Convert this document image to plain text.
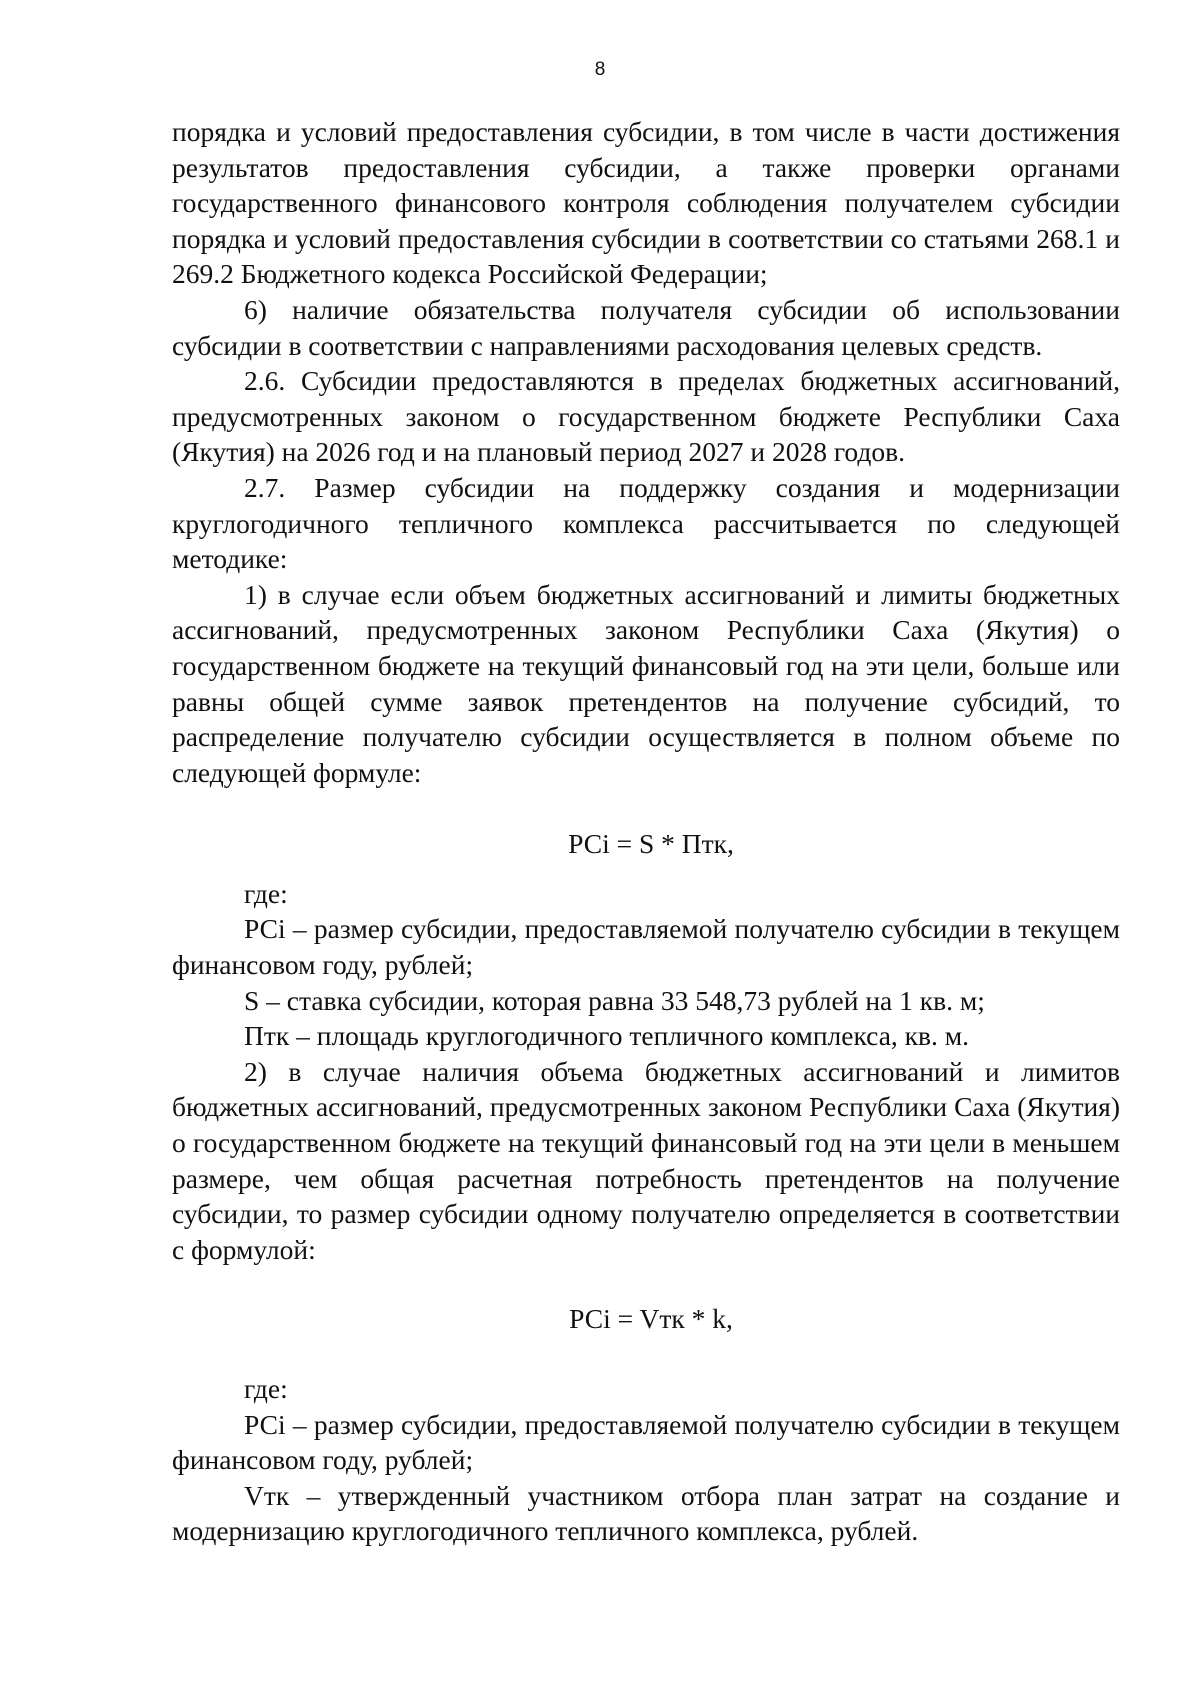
8

порядка и условий предоставления субсидии, в том числе в части достижения результатов предоставления субсидии, а также проверки органами государственного финансового контроля соблюдения получателем субсидии порядка и условий предоставления субсидии в соответствии со статьями 268.1 и 269.2 Бюджетного кодекса Российской Федерации;

6) наличие обязательства получателя субсидии об использовании субсидии в соответствии с направлениями расходования целевых средств.

2.6. Субсидии предоставляются в пределах бюджетных ассигнований, предусмотренных законом о государственном бюджете Республики Саха (Якутия) на 2026 год и на плановый период 2027 и 2028 годов.

2.7. Размер субсидии на поддержку создания и модернизации круглогодичного тепличного комплекса рассчитывается по следующей методике:

1) в случае если объем бюджетных ассигнований и лимиты бюджетных ассигнований, предусмотренных законом Республики Саха (Якутия) о государственном бюджете на текущий финансовый год на эти цели, больше или равны общей сумме заявок претендентов на получение субсидий, то распределение получателю субсидии осуществляется в полном объеме по следующей формуле:

РСi = S * Птк,

где:

РСi – размер субсидии, предоставляемой получателю субсидии в текущем финансовом году, рублей;

S – ставка субсидии, которая равна 33 548,73 рублей на 1 кв. м;

Птк – площадь круглогодичного тепличного комплекса, кв. м.

2) в случае наличия объема бюджетных ассигнований и лимитов бюджетных ассигнований, предусмотренных законом Республики Саха (Якутия) о государственном бюджете на текущий финансовый год на эти цели в меньшем размере, чем общая расчетная потребность претендентов на получение субсидии, то размер субсидии одному получателю определяется в соответствии с формулой:

РСi = Vтк * k,

где:

РСi – размер субсидии, предоставляемой получателю субсидии в текущем финансовом году, рублей;

Vтк – утвержденный участником отбора план затрат на создание и модернизацию круглогодичного тепличного комплекса, рублей.
